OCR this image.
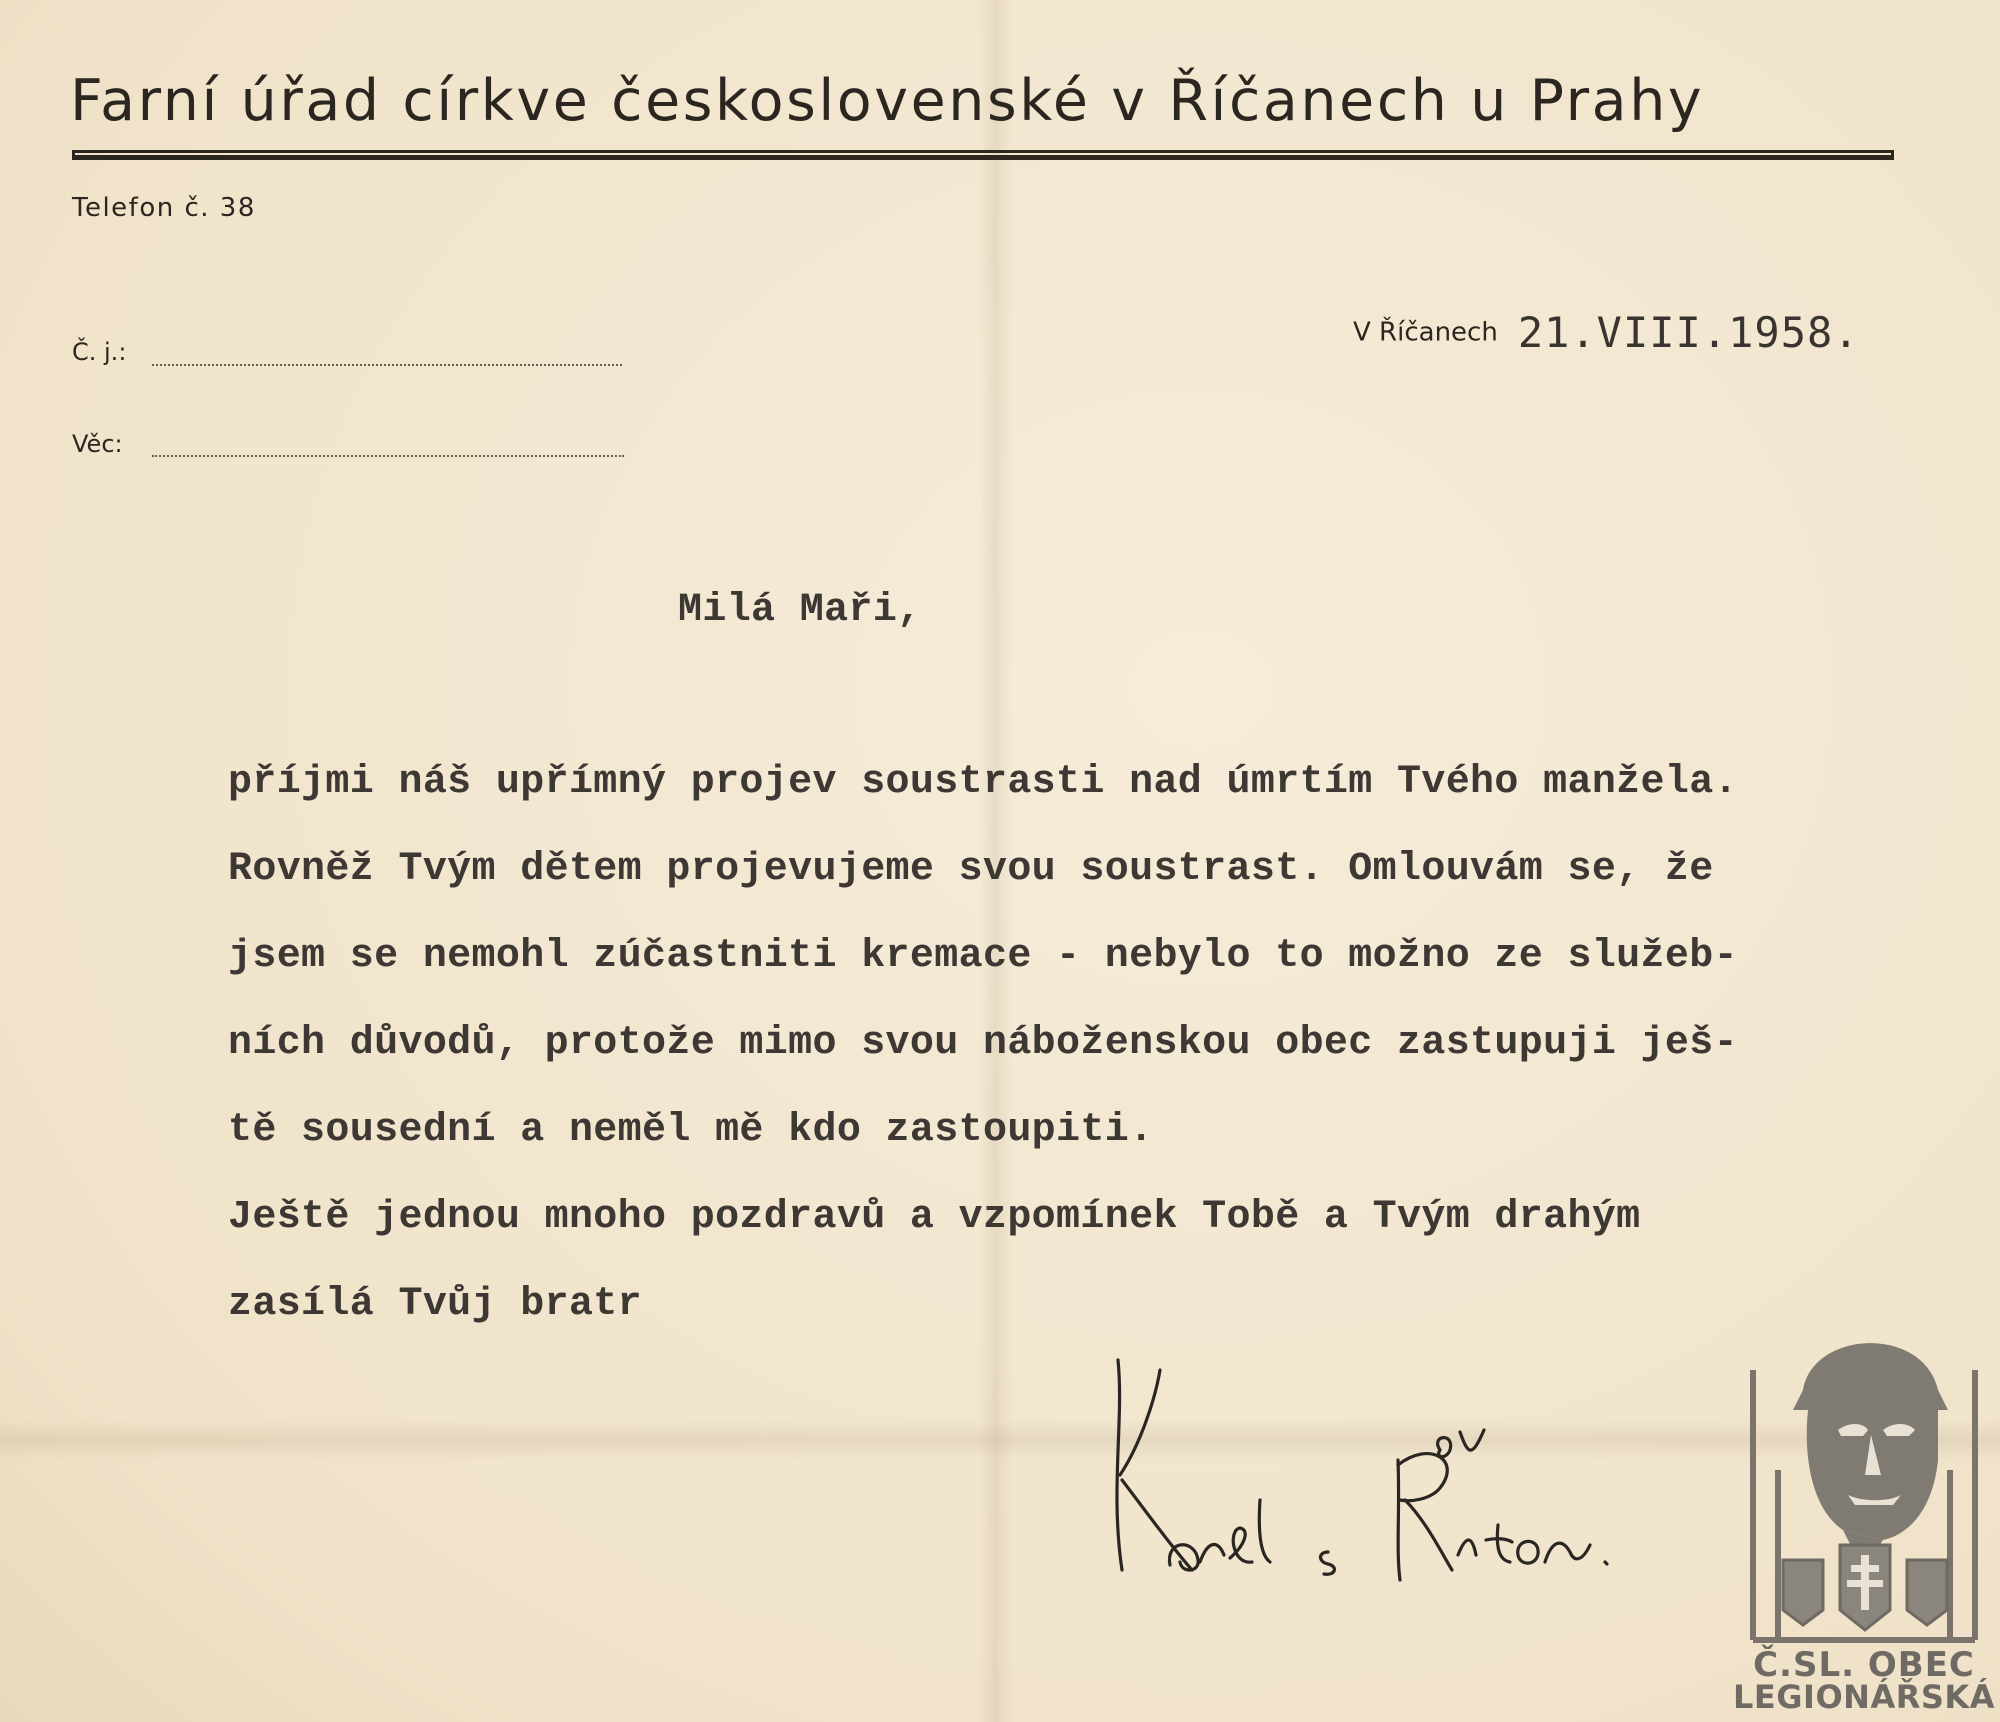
Farní úřad církve československé v Říčanech u Prahy
Telefon č. 38
Č. j.:
Věc:
V Říčanech 21.VIII.1958.
Milá Maři,
příjmi náš upřímný projev soustrasti nad úmrtím Tvého manžela.
Rovněž Tvým dětem projevujeme svou soustrast. Omlouvám se, že
jsem se nemohl zúčastniti kremace - nebylo to možno ze služeb-
ních důvodů, protože mimo svou náboženskou obec zastupuji ješ-
tě sousední a neměl mě kdo zastoupiti.
Ještě jednou mnoho pozdravů a vzpomínek Tobě a Tvým drahým
zasílá Tvůj bratr
Č.SL. OBEC
LEGIONÁŘSKÁ
